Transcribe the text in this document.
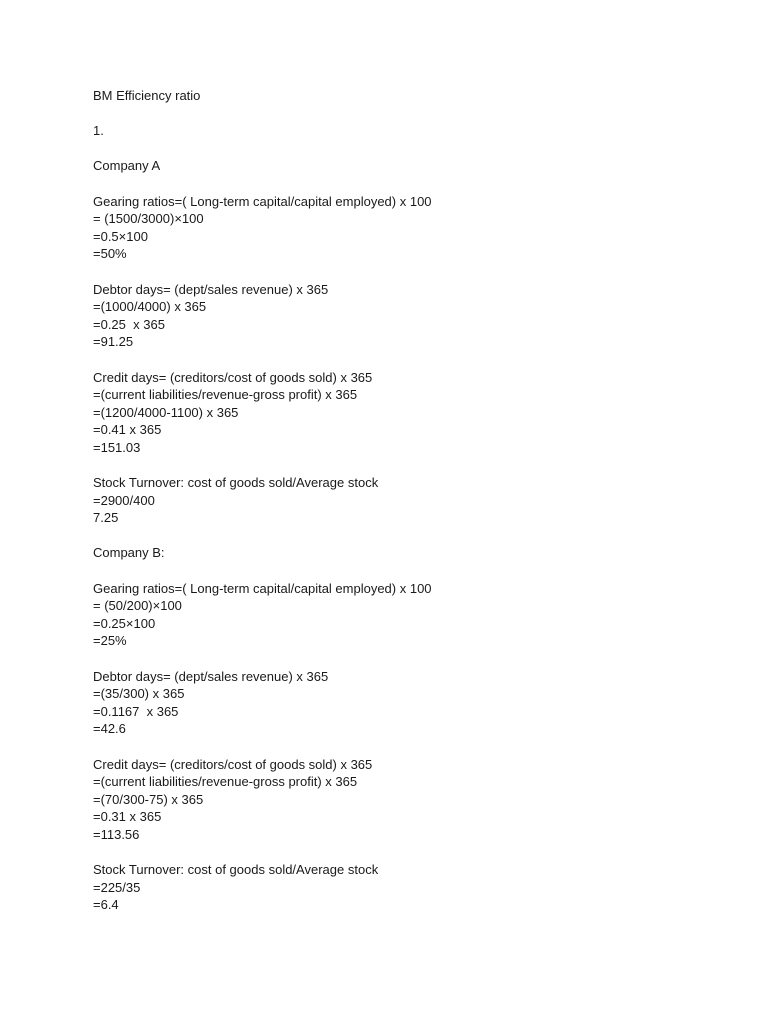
BM Efficiency ratio

1.

Company A

Gearing ratios=( Long-term capital/capital employed) x 100

= (1500/3000)×100

=0.5×100

=50%

Debtor days= (dept/sales revenue) x 365

=(1000/4000) x 365

=0.25  x 365

=91.25

Credit days= (creditors/cost of goods sold) x 365

=(current liabilities/revenue-gross profit) x 365

=(1200/4000-1100) x 365

=0.41 x 365

=151.03

Stock Turnover: cost of goods sold/Average stock

=2900/400

7.25

Company B:

Gearing ratios=( Long-term capital/capital employed) x 100

= (50/200)×100

=0.25×100

=25%

Debtor days= (dept/sales revenue) x 365

=(35/300) x 365

=0.1167  x 365

=42.6

Credit days= (creditors/cost of goods sold) x 365

=(current liabilities/revenue-gross profit) x 365

=(70/300-75) x 365

=0.31 x 365

=113.56

Stock Turnover: cost of goods sold/Average stock

=225/35

=6.4
